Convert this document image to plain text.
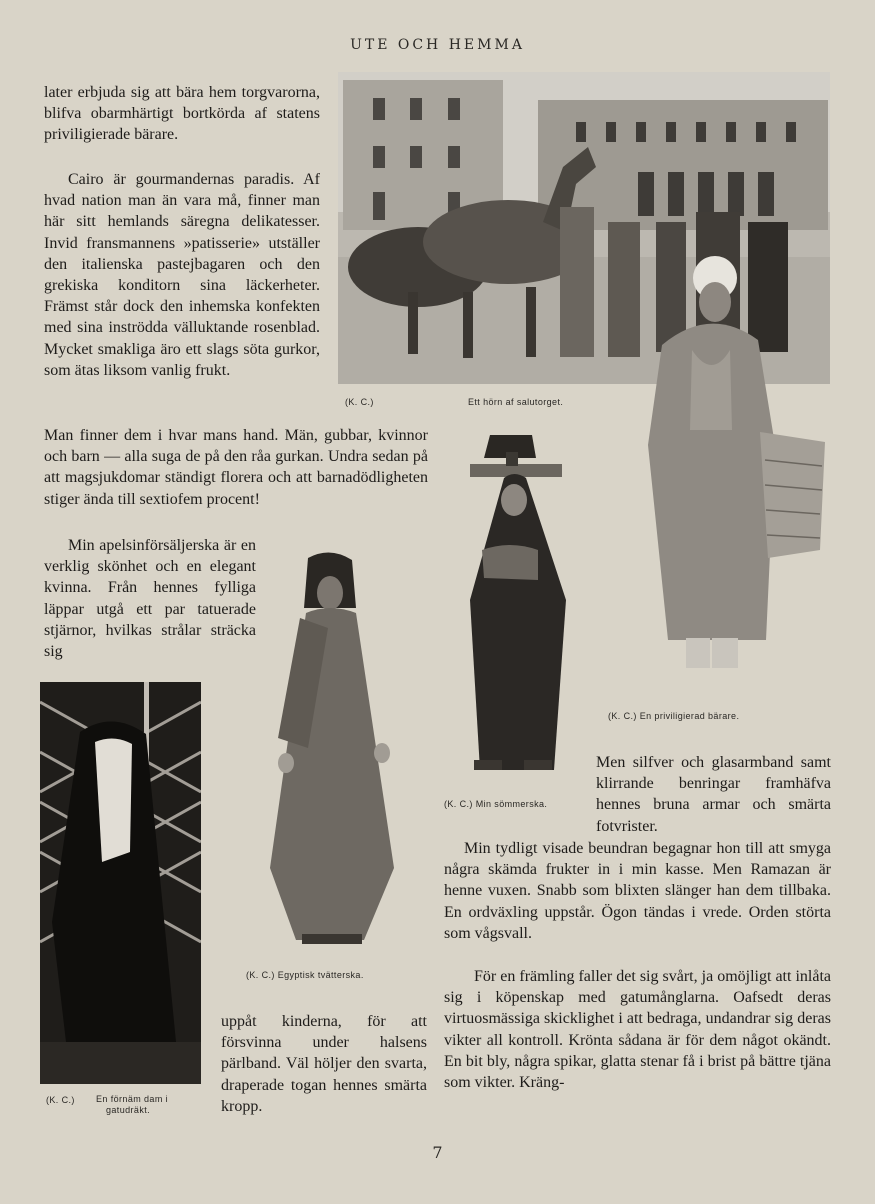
UTE OCH HEMMA

later erbjuda sig att bära hem torgvarorna, blifva obarmhärtigt bortkörda af statens priviligierade bärare.

Cairo är gourmandernas paradis. Af hvad nation man än vara må, finner man här sitt hemlands säregna delikatesser. Invid fransmannens »patisserie» utställer den italienska pastejbagaren och den grekiska konditorn sina läckerheter. Främst står dock den inhemska konfekten med sina inströdda välluktande rosenblad. Mycket smakliga äro ett slags söta gurkor, som ätas liksom vanlig frukt.

Man finner dem i hvar mans hand. Män, gubbar, kvinnor och barn — alla suga de på den råa gurkan. Undra sedan på att magsjukdomar ständigt florera och att barnadödligheten stiger ända till sextiofem procent!

Min apelsinförsäljerska är en verklig skönhet och en elegant kvinna. Från hennes fylliga läppar utgå ett par tatuerade stjärnor, hvilkas strålar sträcka sig

uppåt kinderna, för att försvinna under halsens pärlband. Väl höljer den svarta, draperade togan hennes smärta kropp.

Men silfver och glasarmband samt klirrande benringar framhäfva hennes bruna armar och smärta fotvrister.

Min tydligt visade beundran begagnar hon till att smyga några skämda frukter in i min kasse. Men Ramazan är henne vuxen. Snabb som blixten slänger han dem tillbaka. En ordväxling uppstår. Ögon tändas i vrede. Orden störta som vågsvall.

För en främling faller det sig svårt, ja omöjligt att inlåta sig i köpenskap med gatumånglarna. Oafsedt deras virtuosmässiga skicklighet i att bedraga, undandrar sig deras vikter all kontroll. Krönta sådana är för dem något okändt. En bit bly, några spikar, glatta stenar få i brist på bättre tjäna som vikter. Kräng-

(K. C.)	Ett hörn af salutorget.
(K. C.) En priviligierad bärare.
(K. C.) Min sömmerska.
(K. C.) Egyptisk tvätterska.
(K. C.) En förnäm dam i
gatudräkt.
7
